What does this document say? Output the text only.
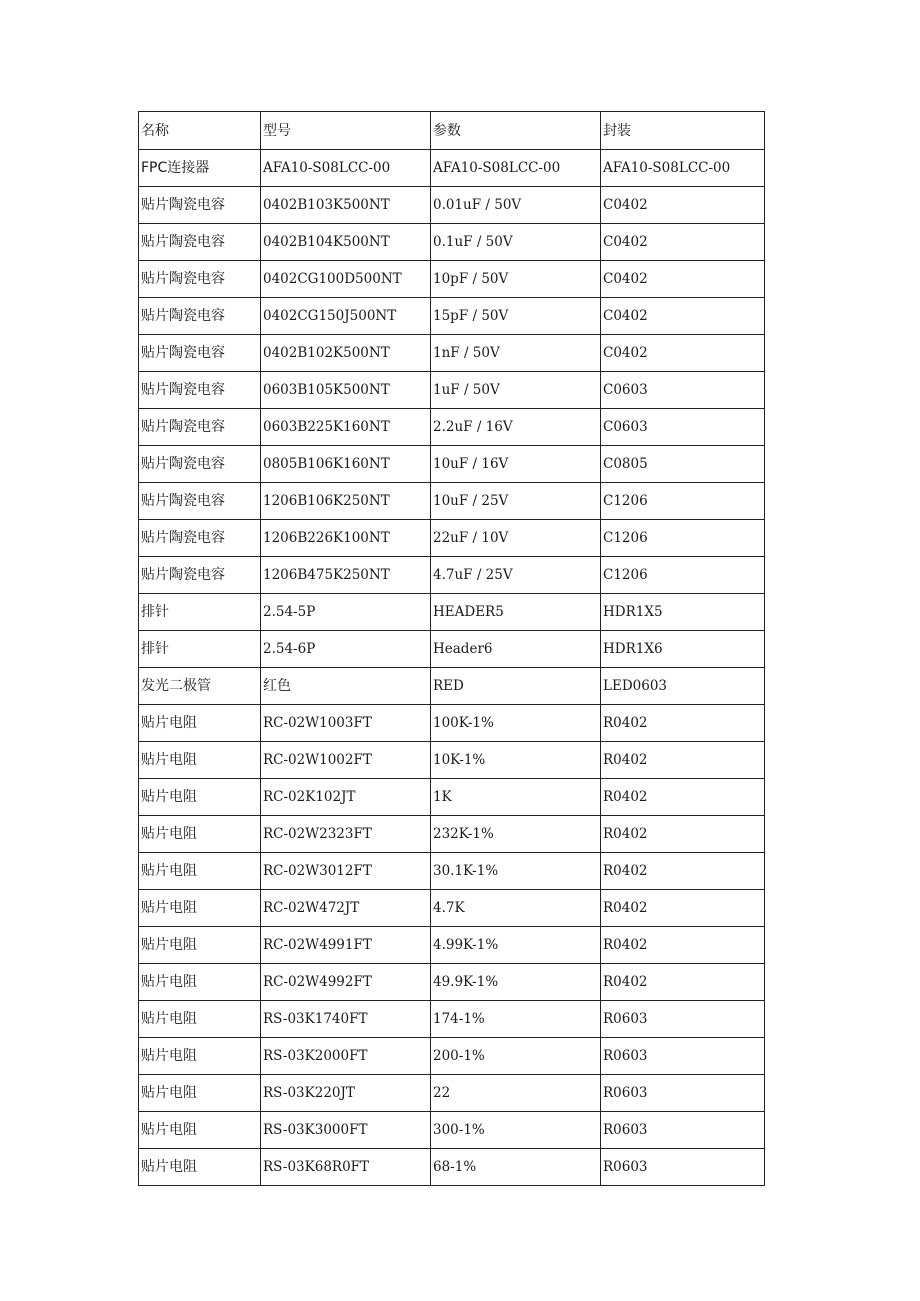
名称	型号	参数	封装
FPC连接器	AFA10-S08LCC-00	AFA10-S08LCC-00	AFA10-S08LCC-00
贴片陶瓷电容	0402B103K500NT	0.01uF / 50V	C0402
贴片陶瓷电容	0402B104K500NT	0.1uF / 50V	C0402
贴片陶瓷电容	0402CG100D500NT	10pF / 50V	C0402
贴片陶瓷电容	0402CG150J500NT	15pF / 50V	C0402
贴片陶瓷电容	0402B102K500NT	1nF / 50V	C0402
贴片陶瓷电容	0603B105K500NT	1uF / 50V	C0603
贴片陶瓷电容	0603B225K160NT	2.2uF / 16V	C0603
贴片陶瓷电容	0805B106K160NT	10uF / 16V	C0805
贴片陶瓷电容	1206B106K250NT	10uF / 25V	C1206
贴片陶瓷电容	1206B226K100NT	22uF / 10V	C1206
贴片陶瓷电容	1206B475K250NT	4.7uF / 25V	C1206
排针	2.54-5P	HEADER5	HDR1X5
排针	2.54-6P	Header6	HDR1X6
发光二极管	红色	RED	LED0603
贴片电阻	RC-02W1003FT	100K-1%	R0402
贴片电阻	RC-02W1002FT	10K-1%	R0402
贴片电阻	RC-02K102JT	1K	R0402
贴片电阻	RC-02W2323FT	232K-1%	R0402
贴片电阻	RC-02W3012FT	30.1K-1%	R0402
贴片电阻	RC-02W472JT	4.7K	R0402
贴片电阻	RC-02W4991FT	4.99K-1%	R0402
贴片电阻	RC-02W4992FT	49.9K-1%	R0402
贴片电阻	RS-03K1740FT	174-1%	R0603
贴片电阻	RS-03K2000FT	200-1%	R0603
贴片电阻	RS-03K220JT	22	R0603
贴片电阻	RS-03K3000FT	300-1%	R0603
贴片电阻	RS-03K68R0FT	68-1%	R0603
